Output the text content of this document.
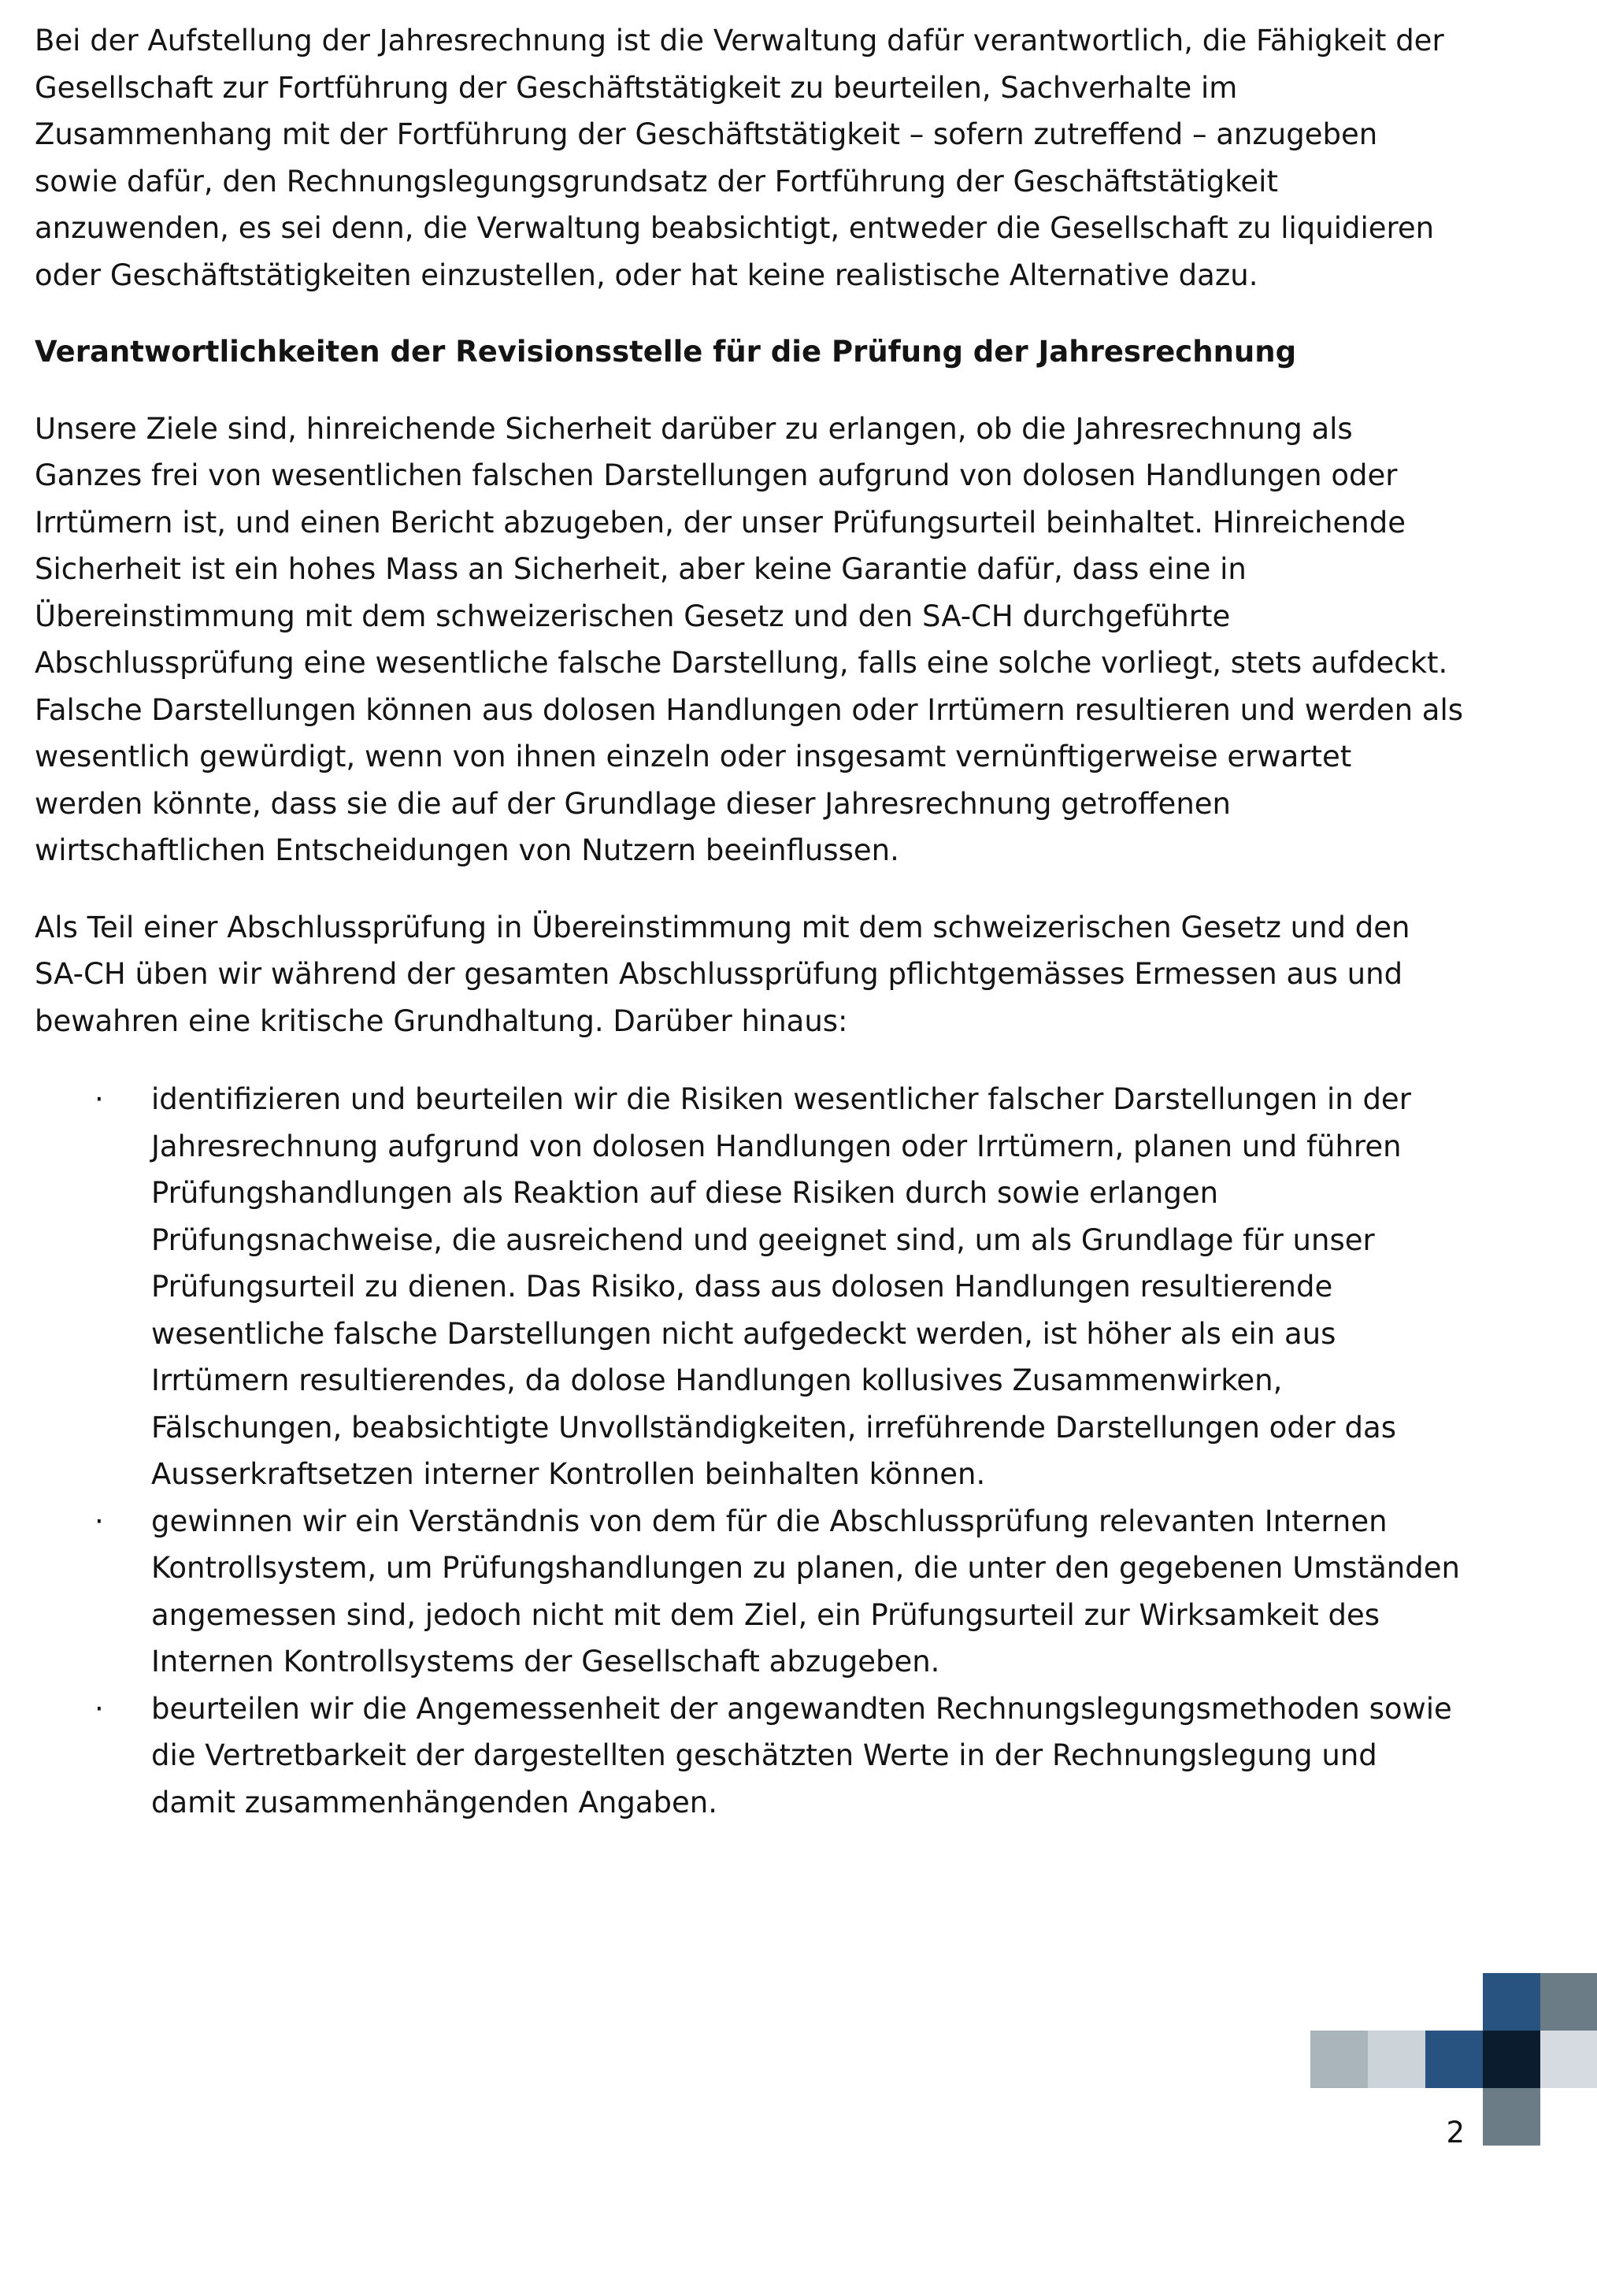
Bei der Aufstellung der Jahresrechnung ist die Verwaltung dafür verantwortlich, die Fähigkeit der Gesellschaft zur Fortführung der Geschäftstätigkeit zu beurteilen, Sachverhalte im Zusammenhang mit der Fortführung der Geschäftstätigkeit – sofern zutreffend – anzugeben sowie dafür, den Rechnungslegungsgrundsatz der Fortführung der Geschäftstätigkeit anzuwenden, es sei denn, die Verwaltung beabsichtigt, entweder die Gesellschaft zu liquidieren oder Geschäftstätigkeiten einzustellen, oder hat keine realistische Alternative dazu.

Verantwortlichkeiten der Revisionsstelle für die Prüfung der Jahresrechnung

Unsere Ziele sind, hinreichende Sicherheit darüber zu erlangen, ob die Jahresrechnung als Ganzes frei von wesentlichen falschen Darstellungen aufgrund von dolosen Handlungen oder Irrtümern ist, und einen Bericht abzugeben, der unser Prüfungsurteil beinhaltet. Hinreichende Sicherheit ist ein hohes Mass an Sicherheit, aber keine Garantie dafür, dass eine in Übereinstimmung mit dem schweizerischen Gesetz und den SA-CH durchgeführte Abschlussprüfung eine wesentliche falsche Darstellung, falls eine solche vorliegt, stets aufdeckt. Falsche Darstellungen können aus dolosen Handlungen oder Irrtümern resultieren und werden als wesentlich gewürdigt, wenn von ihnen einzeln oder insgesamt vernünftigerweise erwartet werden könnte, dass sie die auf der Grundlage dieser Jahresrechnung getroffenen wirtschaftlichen Entscheidungen von Nutzern beeinflussen.

Als Teil einer Abschlussprüfung in Übereinstimmung mit dem schweizerischen Gesetz und den SA-CH üben wir während der gesamten Abschlussprüfung pflichtgemässes Ermessen aus und bewahren eine kritische Grundhaltung. Darüber hinaus:

·	identifizieren und beurteilen wir die Risiken wesentlicher falscher Darstellungen in der Jahresrechnung aufgrund von dolosen Handlungen oder Irrtümern, planen und führen Prüfungshandlungen als Reaktion auf diese Risiken durch sowie erlangen Prüfungsnachweise, die ausreichend und geeignet sind, um als Grundlage für unser Prüfungsurteil zu dienen. Das Risiko, dass aus dolosen Handlungen resultierende wesentliche falsche Darstellungen nicht aufgedeckt werden, ist höher als ein aus Irrtümern resultierendes, da dolose Handlungen kollusives Zusammenwirken, Fälschungen, beabsichtigte Unvollständigkeiten, irreführende Darstellungen oder das Ausserkraftsetzen interner Kontrollen beinhalten können.
·	gewinnen wir ein Verständnis von dem für die Abschlussprüfung relevanten Internen Kontrollsystem, um Prüfungshandlungen zu planen, die unter den gegebenen Umständen angemessen sind, jedoch nicht mit dem Ziel, ein Prüfungsurteil zur Wirksamkeit des Internen Kontrollsystems der Gesellschaft abzugeben.
·	beurteilen wir die Angemessenheit der angewandten Rechnungslegungsmethoden sowie die Vertretbarkeit der dargestellten geschätzten Werte in der Rechnungslegung und damit zusammenhängenden Angaben.
2
